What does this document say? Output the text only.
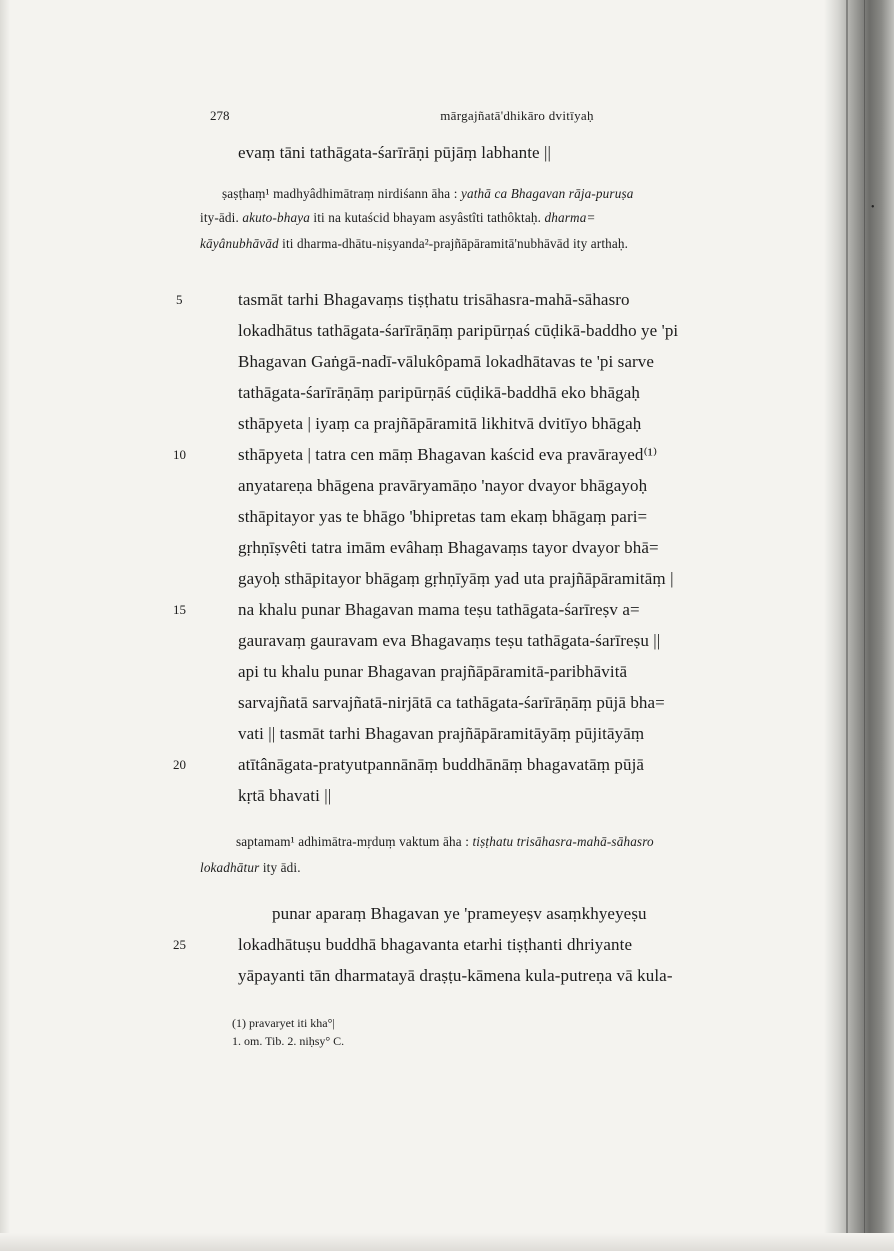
•
278	mārgajñatā'dhikāro dvitīyaḥ
evaṃ tāni tathāgata-śarīrāṇi pūjāṃ labhante ||
ṣaṣṭhaṃ¹ madhyâdhimātraṃ nirdiśann āha : yathā ca Bhagavan rāja-puruṣa
ity-ādi. akuto-bhaya iti na kutaścid bhayam asyâstîti tathôktaḥ. dharma=
kāyânubhāvād iti dharma-dhātu-niṣyanda²-prajñāpāramitā'nubhāvād ity arthaḥ.
tasmāt tarhi Bhagavaṃs tiṣṭhatu trisāhasra-mahā-sāhasro
lokadhātus tathāgata-śarīrāṇāṃ paripūrṇaś cūḍikā-baddho ye 'pi
Bhagavan Gaṅgā-nadī-vālukôpamā lokadhātavas te 'pi sarve
tathāgata-śarīrāṇāṃ paripūrṇāś cūḍikā-baddhā eko bhāgaḥ
sthāpyeta | iyaṃ ca prajñāpāramitā likhitvā dvitīyo bhāgaḥ
sthāpyeta | tatra cen māṃ Bhagavan kaścid eva pravārayed⁽¹⁾
anyatareṇa bhāgena pravāryamāṇo 'nayor dvayor bhāgayoḥ
sthāpitayor yas te bhāgo 'bhipretas tam ekaṃ bhāgaṃ pari=
gṛhṇīṣvêti tatra imām evâhaṃ Bhagavaṃs tayor dvayor bhā=
gayoḥ sthāpitayor bhāgaṃ gṛhṇīyāṃ yad uta prajñāpāramitāṃ |
na khalu punar Bhagavan mama teṣu tathāgata-śarīreṣv a=
gauravaṃ gauravam eva Bhagavaṃs teṣu tathāgata-śarīreṣu ||
api tu khalu punar Bhagavan prajñāpāramitā-paribhāvitā
sarvajñatā sarvajñatā-nirjātā ca tathāgata-śarīrāṇāṃ pūjā bha=
vati || tasmāt tarhi Bhagavan prajñāpāramitāyāṃ pūjitāyāṃ
atītânāgata-pratyutpannānāṃ buddhānāṃ bhagavatāṃ pūjā
kṛtā bhavati ||
saptamam¹ adhimātra-mṛduṃ vaktum āha : tiṣṭhatu trisāhasra-mahā-sāhasro
lokadhātur ity ādi.
punar aparaṃ Bhagavan ye 'prameyeṣv asaṃkhyeyeṣu
lokadhātuṣu buddhā bhagavanta etarhi tiṣṭhanti dhriyante
yāpayanti tān dharmatayā draṣṭu-kāmena kula-putreṇa vā kula-
5
10
15
20
25
(1) pravaryet iti kha°|
1. om. Tib. 2. niḥsy° C.
